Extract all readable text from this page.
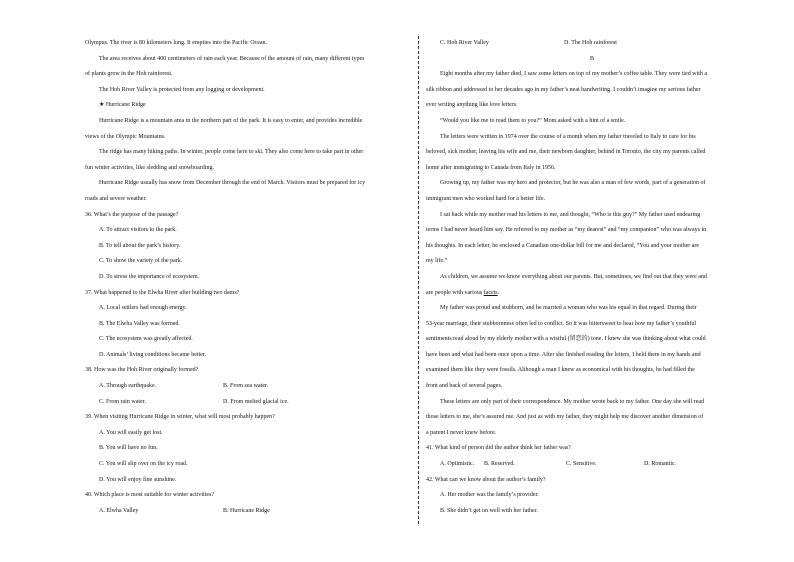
Olympus. The river is 80 kilometers long. It empties into the Pacific Ocean.

The area receives about 400 centimeters of rain each year. Because of the amount of rain, many different types

of plants grow in the Hoh rainforest.

The Hoh River Valley is protected from any logging or development.

★ Hurricane Ridge

Hurricane Ridge is a mountain area in the northern part of the park. It is easy to enter, and provides incredible

views of the Olympic Mountains.

The ridge has many hiking paths. In winter, people come here to ski. They also come here to take part in other

fun winter activities, like sledding and snowboarding.

Hurricane Ridge usually has snow from December through the end of March. Visitors must be prepared for icy

roads and severe weather.

36. What’s the purpose of the passage?

A. To attract visitors to the park.

B. To tell about the park’s history.

C. To show the variety of the park.

D. To stress the importance of ecosystem.

37. What happened to the Elwha River after building two dams?

A. Local settlers had enough energy.

B. The Elwha Valley was formed.

C. The ecosystem was greatly affected.

D. Animals’ living conditions became better.

38. How was the Hoh River originally formed?

A. Through earthquake.	B. From sea water.
C. From rain water.	D. From melted glacial ice.

39. When visiting Hurricane Ridge in winter, what will most probably happen?

A. You will easily get lost.

B. You will have no fun.

C. You will slip over on the icy road.

D. You will enjoy fine sunshine.

40. Which place is most suitable for winter activities?

A. Elwha Valley	B. Hurricane Ridge
C. Hoh River Valley	D. The Hoh rainforest

B

Eight months after my father died, I saw some letters on top of my mother’s coffee table. They were tied with a

silk ribbon and addressed to her decades ago in my father’s neat handwriting. I couldn’t imagine my serious father

ever writing anything like love letters.

“Would you like me to read them to you?” Mom asked with a hint of a smile.

The letters were written in 1974 over the course of a month when my father traveled to Italy to care for his

beloved, sick mother, leaving his wife and me, their newborn daughter, behind in Toronto, the city my parents called

home after immigrating to Canada from Italy in 1956.

Growing up, my father was my hero and protector, but he was also a man of few words, part of a generation of

immigrant men who worked hard for a better life.

I sat back while my mother read his letters to me, and thought, “Who is this guy?” My father used endearing

terms I had never heard him say. He referred to my mother as “my dearest” and “my companion” who was always in

his thoughts. In each letter, he enclosed a Canadian one-dollar bill for me and declared, “You and your mother are

my life.”

As children, we assume we know everything about our parents. But, sometimes, we find out that they were and

are people with various facets.

My father was proud and stubborn, and he married a woman who was his equal in that regard. During their

53-year marriage, their stubbornness often led to conflict. So it was bittersweet to hear how my father’s youthful

sentiments read aloud by my elderly mother with a wistful (留恋的) tone. I knew she was thinking about what could

have been and what had been once upon a time. After she finished reading the letters, I held them in my hands and

examined them like they were fossils. Although a man I knew as economical with his thoughts, he had filled the

front and back of several pages.

These letters are only part of their correspondence. My mother wrote back to my father. One day she will read

those letters to me, she’s assured me. And just as with my father, they might help me discover another dimension of

a parent I never knew before.

41. What kind of person did the author think her father was?

A. Optimistic.	B. Reserved.	C. Sensitive.	D. Romantic.

42. What can we know about the author’s family?

A. Her mother was the family’s provider.

B. She didn’t get on well with her father.
